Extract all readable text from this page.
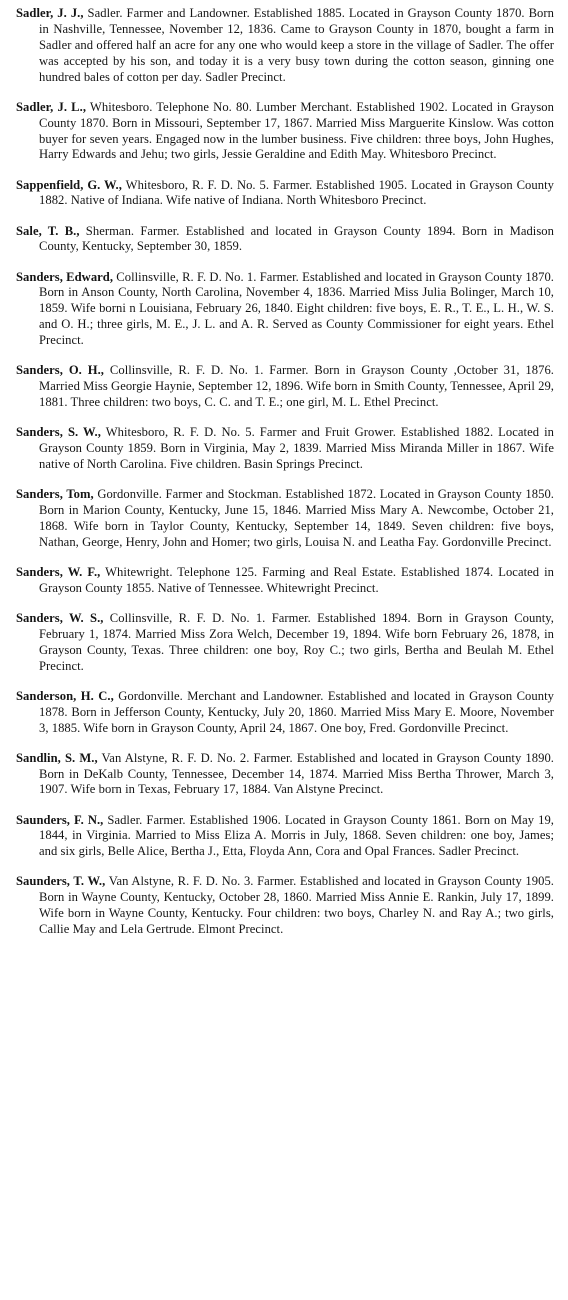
Sadler, J. J., Sadler. Farmer and Landowner. Established 1885. Located in Grayson County 1870. Born in Nashville, Tennessee, November 12, 1836. Came to Grayson County in 1870, bought a farm in Sadler and offered half an acre for any one who would keep a store in the village of Sadler. The offer was accepted by his son, and today it is a very busy town during the cotton season, ginning one hundred bales of cotton per day. Sadler Precinct.

Sadler, J. L., Whitesboro. Telephone No. 80. Lumber Merchant. Established 1902. Located in Grayson County 1870. Born in Missouri, September 17, 1867. Married Miss Marguerite Kinslow. Was cotton buyer for seven years. Engaged now in the lumber business. Five children: three boys, John Hughes, Harry Edwards and Jehu; two girls, Jessie Geraldine and Edith May. Whitesboro Precinct.

Sappenfield, G. W., Whitesboro, R. F. D. No. 5. Farmer. Established 1905. Located in Grayson County 1882. Native of Indiana. Wife native of Indiana. North Whitesboro Precinct.

Sale, T. B., Sherman. Farmer. Established and located in Grayson County 1894. Born in Madison County, Kentucky, September 30, 1859.

Sanders, Edward, Collinsville, R. F. D. No. 1. Farmer. Established and located in Grayson County 1870. Born in Anson County, North Carolina, November 4, 1836. Married Miss Julia Bolinger, March 10, 1859. Wife borni n Louisiana, February 26, 1840. Eight children: five boys, E. R., T. E., L. H., W. S. and O. H.; three girls, M. E., J. L. and A. R. Served as County Commissioner for eight years. Ethel Precinct.

Sanders, O. H., Collinsville, R. F. D. No. 1. Farmer. Born in Grayson County ,October 31, 1876. Married Miss Georgie Haynie, September 12, 1896. Wife born in Smith County, Tennessee, April 29, 1881. Three children: two boys, C. C. and T. E.; one girl, M. L. Ethel Precinct.

Sanders, S. W., Whitesboro, R. F. D. No. 5. Farmer and Fruit Grower. Established 1882. Located in Grayson County 1859. Born in Virginia, May 2, 1839. Married Miss Miranda Miller in 1867. Wife native of North Carolina. Five children. Basin Springs Precinct.

Sanders, Tom, Gordonville. Farmer and Stockman. Established 1872. Located in Grayson County 1850. Born in Marion County, Kentucky, June 15, 1846. Married Miss Mary A. Newcombe, October 21, 1868. Wife born in Taylor County, Kentucky, September 14, 1849. Seven children: five boys, Nathan, George, Henry, John and Homer; two girls, Louisa N. and Leatha Fay. Gordonville Precinct.

Sanders, W. F., Whitewright. Telephone 125. Farming and Real Estate. Established 1874. Located in Grayson County 1855. Native of Tennessee. Whitewright Precinct.

Sanders, W. S., Collinsville, R. F. D. No. 1. Farmer. Established 1894. Born in Grayson County, February 1, 1874. Married Miss Zora Welch, December 19, 1894. Wife born February 26, 1878, in Grayson County, Texas. Three children: one boy, Roy C.; two girls, Bertha and Beulah M. Ethel Precinct.

Sanderson, H. C., Gordonville. Merchant and Landowner. Established and located in Grayson County 1878. Born in Jefferson County, Kentucky, July 20, 1860. Married Miss Mary E. Moore, November 3, 1885. Wife born in Grayson County, April 24, 1867. One boy, Fred. Gordonville Precinct.

Sandlin, S. M., Van Alstyne, R. F. D. No. 2. Farmer. Established and located in Grayson County 1890. Born in DeKalb County, Tennessee, December 14, 1874. Married Miss Bertha Thrower, March 3, 1907. Wife born in Texas, February 17, 1884. Van Alstyne Precinct.

Saunders, F. N., Sadler. Farmer. Established 1906. Located in Grayson County 1861. Born on May 19, 1844, in Virginia. Married to Miss Eliza A. Morris in July, 1868. Seven children: one boy, James; and six girls, Belle Alice, Bertha J., Etta, Floyda Ann, Cora and Opal Frances. Sadler Precinct.

Saunders, T. W., Van Alstyne, R. F. D. No. 3. Farmer. Established and located in Grayson County 1905. Born in Wayne County, Kentucky, October 28, 1860. Married Miss Annie E. Rankin, July 17, 1899. Wife born in Wayne County, Kentucky. Four children: two boys, Charley N. and Ray A.; two girls, Callie May and Lela Gertrude. Elmont Precinct.
